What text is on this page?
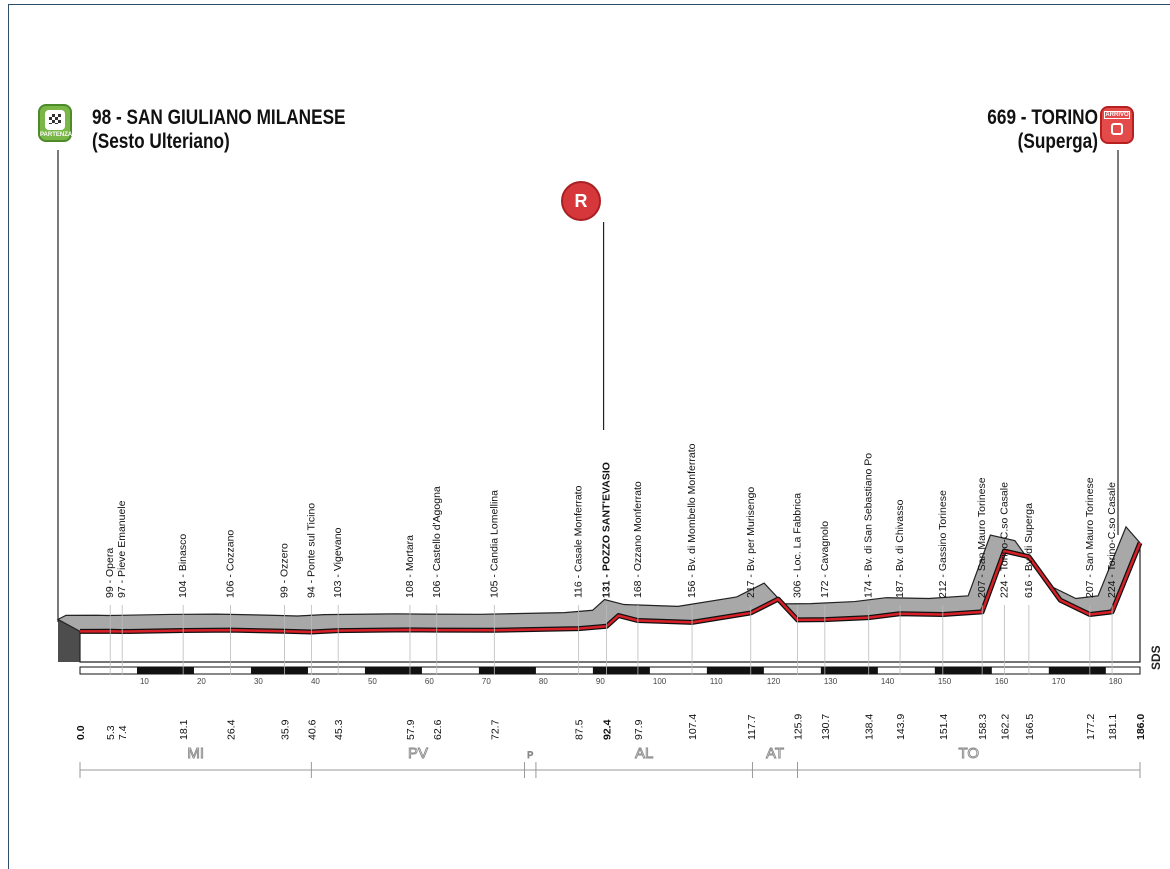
PARTENZA
98 - SAN GIULIANO MILANESE
(Sesto Ulteriano)
669 - TORINO
(Superga)
ARRIVO
R
10	20	30	40	50	60	70	80	90	100	110	120	130	140	150	160	170	180
99 - Opera 97 - Pieve Emanuele	104 - Binasco	106 - Cozzano	99 - Ozzero 94 - Ponte sul Ticino 103 - Vigevano	108 - Mortara 106 - Castello d'Agogna	105 - Candia Lomellina	116 - Casale Monferrato 131 - POZZO SANT'EVASIO 168 - Ozzano Monferrato	156 - Bv. di Mombello Monferrato	217 - Bv. per Murisengo	306 - Loc. La Fabbrica 172 - Cavagnolo	174 - Bv. di San Sebastiano Po 187 - Bv. di Chivasso	212 - Gassino Torinese	207 - San Mauro Torinese 224 - Torino-C.so Casale 616 - Bv. di Superga	207 - San Mauro Torinese 224 - Torino-C.so Casale
0.0 5.3 7.4	18.1	26.4	35.9 40.6 45.3	57.9 62.6	72.7	87.5 92.4 97.9	107.4	117.7	125.9 130.7	138.4 143.9	151.4	158.3 162.2 166.5	177.2 181.1 186.0
MI	PV	P	AL	AT	TO
SDS
